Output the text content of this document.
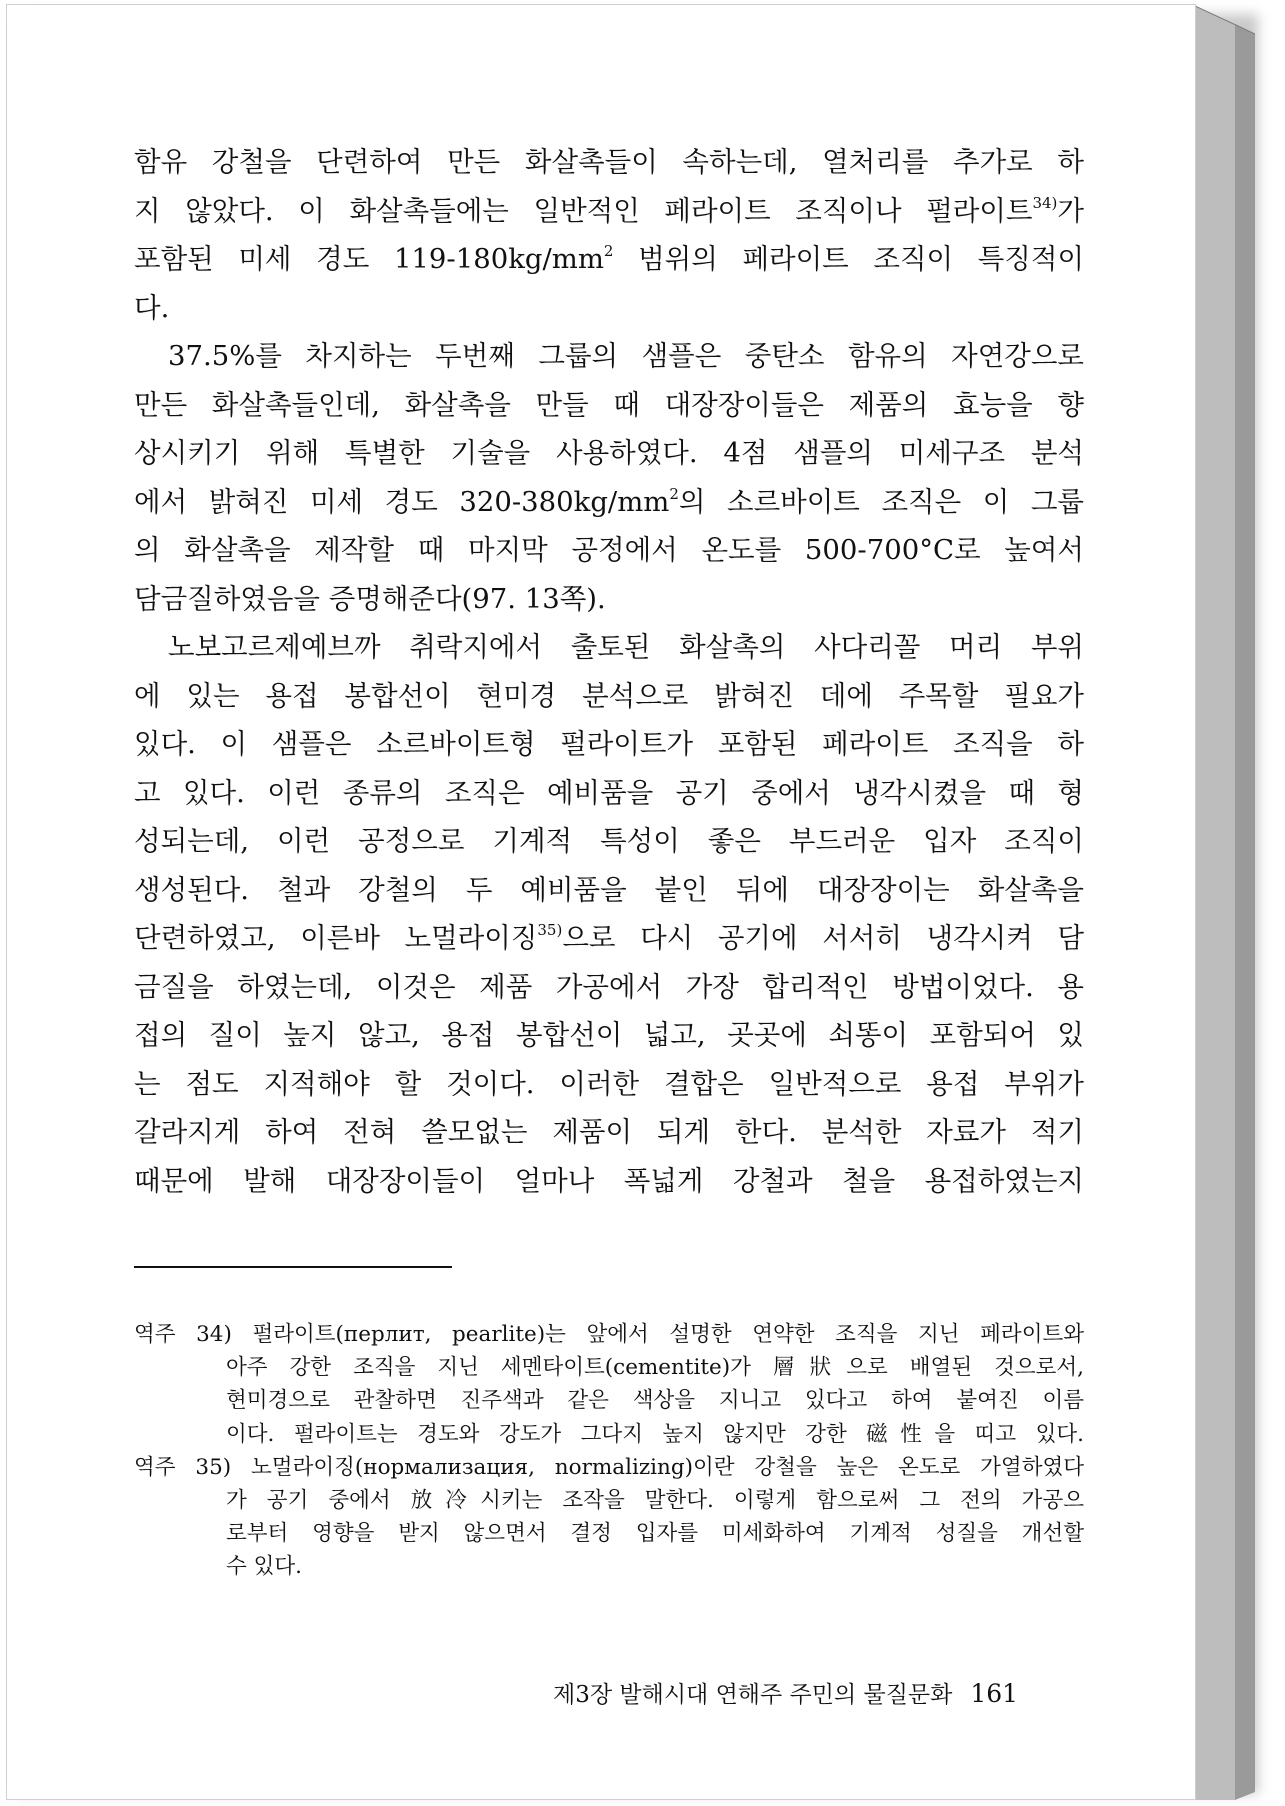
함유 강철을 단련하여 만든 화살촉들이 속하는데, 열처리를 추가로 하
지 않았다. 이 화살촉들에는 일반적인 페라이트 조직이나 펄라이트$^{34)}$가
포함된 미세 경도 $119-180kg/mm^2$ 범위의 페라이트 조직이 특징적이
다.
37.5%를 차지하는 두번째 그룹의 샘플은 중탄소 함유의 자연강으로
만든 화살촉들인데, 화살촉을 만들 때 대장장이들은 제품의 효능을 향
상시키기 위해 특별한 기술을 사용하였다. 4점 샘플의 미세구조 분석
에서 밝혀진 미세 경도 $320-380kg/mm^2$의 소르바이트 조직은 이 그룹
의 화살촉을 제작할 때 마지막 공정에서 온도를 500-700°C로 높여서
담금질하였음을 증명해준다(97. 13쪽).
노보고르제예브까 취락지에서 출토된 화살촉의 사다리꼴 머리 부위
에 있는 용접 봉합선이 현미경 분석으로 밝혀진 데에 주목할 필요가
있다. 이 샘플은 소르바이트형 펄라이트가 포함된 페라이트 조직을 하
고 있다. 이런 종류의 조직은 예비품을 공기 중에서 냉각시켰을 때 형
성되는데, 이런 공정으로 기계적 특성이 좋은 부드러운 입자 조직이
생성된다. 철과 강철의 두 예비품을 붙인 뒤에 대장장이는 화살촉을
단련하였고, 이른바 노멀라이징$^{35)}$으로 다시 공기에 서서히 냉각시켜 담
금질을 하였는데, 이것은 제품 가공에서 가장 합리적인 방법이었다. 용
접의 질이 높지 않고, 용접 봉합선이 넓고, 곳곳에 쇠똥이 포함되어 있
는 점도 지적해야 할 것이다. 이러한 결합은 일반적으로 용접 부위가
갈라지게 하여 전혀 쓸모없는 제품이 되게 한다. 분석한 자료가 적기
때문에 발해 대장장이들이 얼마나 폭넓게 강철과 철을 용접하였는지
역주 34) 펄라이트(перлит, pearlite)는 앞에서 설명한 연약한 조직을 지닌 페라이트와
아주 강한 조직을 지닌 세멘타이트(cementite)가 層狀으로 배열된 것으로서,
현미경으로 관찰하면 진주색과 같은 색상을 지니고 있다고 하여 붙여진 이름
이다. 펄라이트는 경도와 강도가 그다지 높지 않지만 강한 磁性을 띠고 있다.
역주 35) 노멀라이징(нормализация, normalizing)이란 강철을 높은 온도로 가열하였다
가 공기 중에서 放冷시키는 조작을 말한다. 이렇게 함으로써 그 전의 가공으
로부터 영향을 받지 않으면서 결정 입자를 미세화하여 기계적 성질을 개선할
수 있다.
제3장 발해시대 연해주 주민의 물질문화 161
